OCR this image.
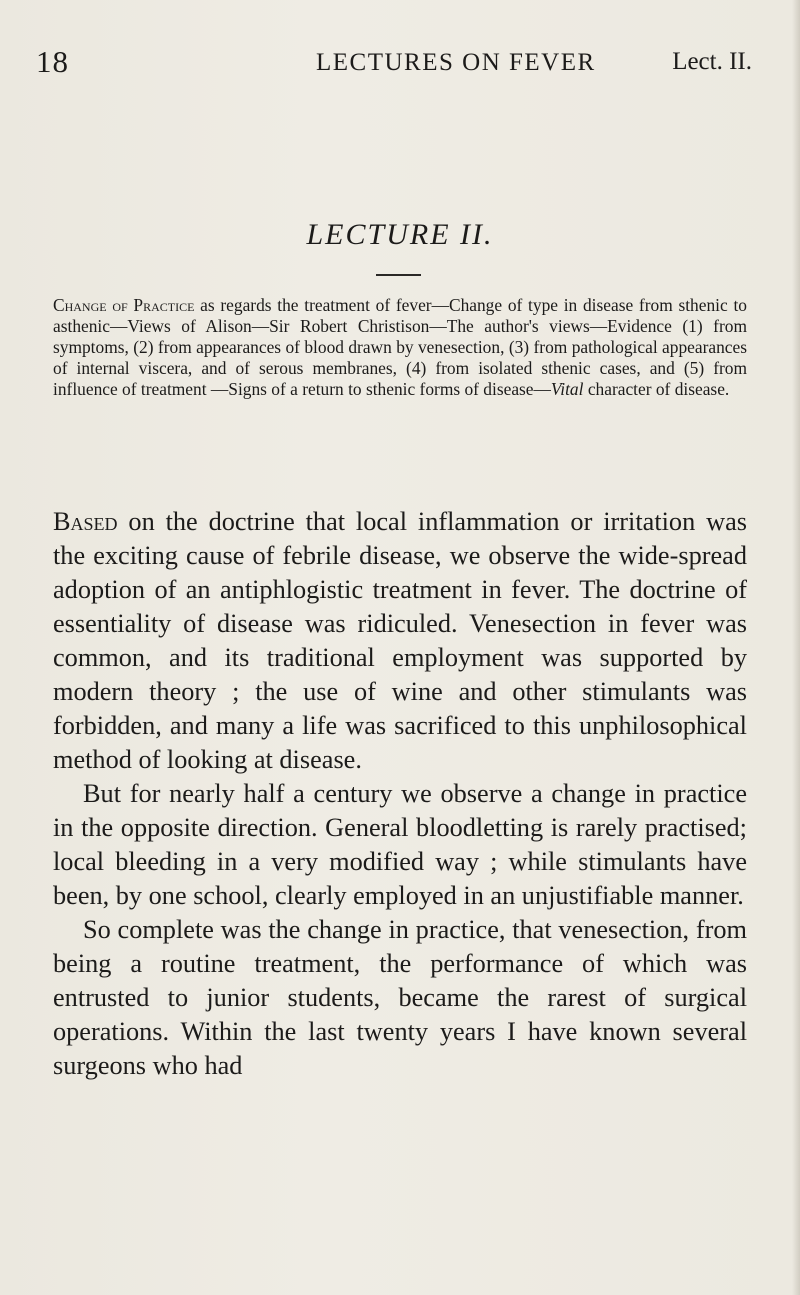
18	LECTURES ON FEVER	Lect. II.
LECTURE II.
Change of Practice as regards the treatment of fever—Change of type in disease from sthenic to asthenic—Views of Alison—Sir Robert Christison—The author's views—Evidence (1) from symptoms, (2) from appearances of blood drawn by venesection, (3) from pathological appearances of internal viscera, and of serous membranes, (4) from isolated sthenic cases, and (5) from influence of treatment —Signs of a return to sthenic forms of disease—Vital character of disease.

Based on the doctrine that local inflammation or irritation was the exciting cause of febrile disease, we observe the wide-spread adoption of an antiphlogistic treatment in fever. The doctrine of essentiality of disease was ridiculed. Venesection in fever was common, and its traditional employment was supported by modern theory ; the use of wine and other stimulants was forbidden, and many a life was sacrificed to this unphilosophical method of looking at disease.

But for nearly half a century we observe a change in practice in the opposite direction. General bloodletting is rarely practised; local bleeding in a very modified way ; while stimulants have been, by one school, clearly employed in an unjustifiable manner.

So complete was the change in practice, that venesection, from being a routine treatment, the performance of which was entrusted to junior students, became the rarest of surgical operations. Within the last twenty years I have known several surgeons who had
